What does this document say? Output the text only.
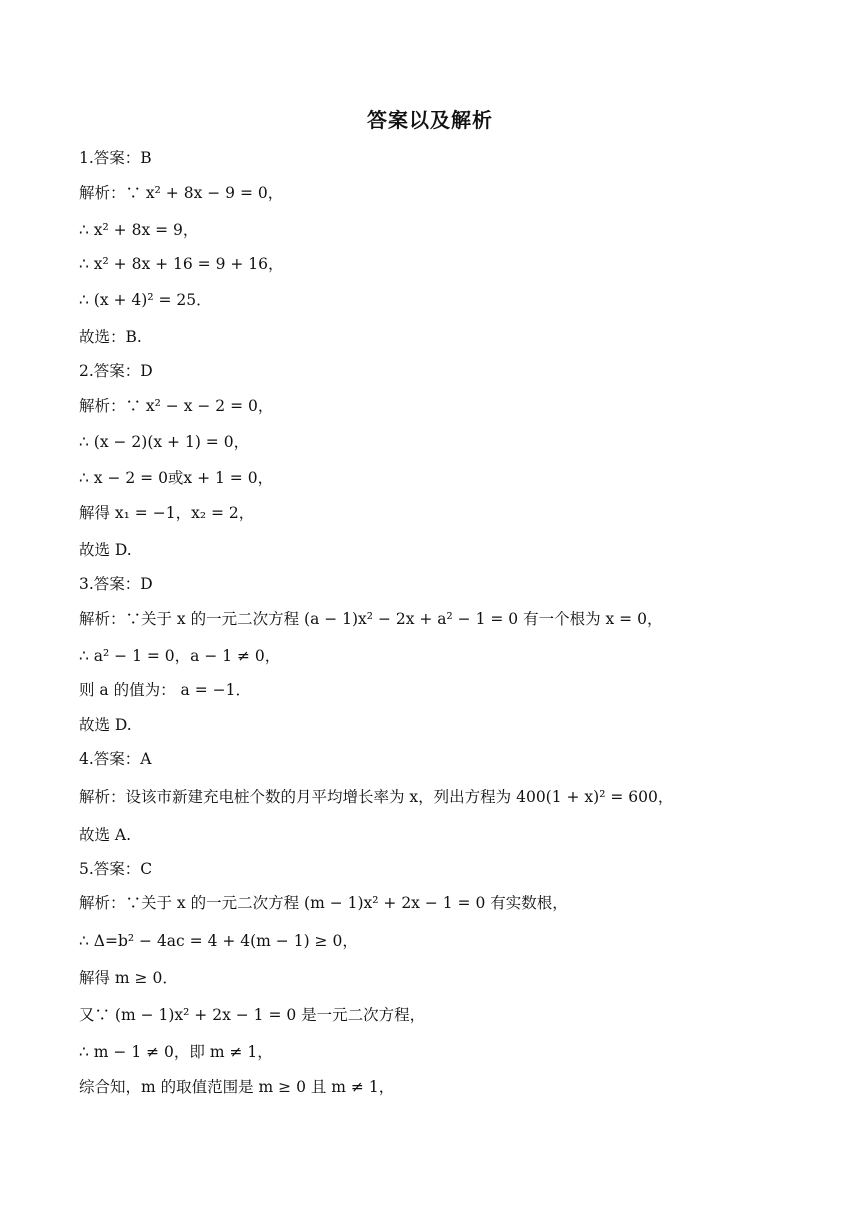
答案以及解析
1.答案：B
解析：∵ x² + 8x − 9 = 0，
∴ x² + 8x = 9，
∴ x² + 8x + 16 = 9 + 16，
∴ (x + 4)² = 25．
故选：B.
2.答案：D
解析：∵ x² − x − 2 = 0，
∴ (x − 2)(x + 1) = 0，
∴ x − 2 = 0或x + 1 = 0，
解得 x₁ = −1，x₂ = 2，
故选 D.
3.答案：D
解析：∵关于 x 的一元二次方程 (a − 1)x² − 2x + a² − 1 = 0 有一个根为 x = 0，
∴ a² − 1 = 0，a − 1 ≠ 0，
则 a 的值为： a = −1．
故选 D.
4.答案：A
解析：设该市新建充电桩个数的月平均增长率为 x，列出方程为 400(1 + x)² = 600，
故选 A.
5.答案：C
解析：∵关于 x 的一元二次方程 (m − 1)x² + 2x − 1 = 0 有实数根，
∴ Δ=b² − 4ac = 4 + 4(m − 1) ≥ 0，
解得 m ≥ 0．
又∵ (m − 1)x² + 2x − 1 = 0 是一元二次方程，
∴ m − 1 ≠ 0，即 m ≠ 1，
综合知，m 的取值范围是 m ≥ 0 且 m ≠ 1，
